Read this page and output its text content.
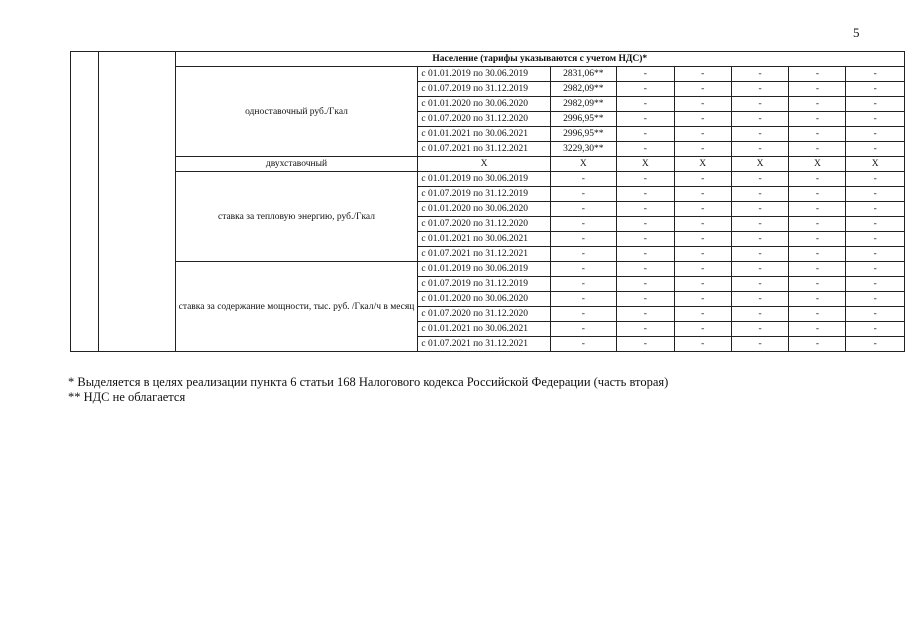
5
		Население (тарифы указываются с учетом НДС)*							
		одноставочный руб./Гкал	с 01.01.2019 по 30.06.2019	2831,06**	-	-	-	-	-
			с 01.07.2019 по 31.12.2019	2982,09**	-	-	-	-	-
			с 01.01.2020 по 30.06.2020	2982,09**	-	-	-	-	-
			с 01.07.2020 по 31.12.2020	2996,95**	-	-	-	-	-
			с 01.01.2021 по 30.06.2021	2996,95**	-	-	-	-	-
			с 01.07.2021 по 31.12.2021	3229,30**	-	-	-	-	-
		двухставочный	Х	Х	Х	Х	Х	Х	Х
		ставка за тепловую энергию, руб./Гкал	с 01.01.2019 по 30.06.2019	-	-	-	-	-	-
			с 01.07.2019 по 31.12.2019	-	-	-	-	-	-
			с 01.01.2020 по 30.06.2020	-	-	-	-	-	-
			с 01.07.2020 по 31.12.2020	-	-	-	-	-	-
			с 01.01.2021 по 30.06.2021	-	-	-	-	-	-
			с 01.07.2021 по 31.12.2021	-	-	-	-	-	-
		ставка за содержание мощности, тыс. руб. /Гкал/ч в месяц	с 01.01.2019 по 30.06.2019	-	-	-	-	-	-
			с 01.07.2019 по 31.12.2019	-	-	-	-	-	-
			с 01.01.2020 по 30.06.2020	-	-	-	-	-	-
			с 01.07.2020 по 31.12.2020	-	-	-	-	-	-
			с 01.01.2021 по 30.06.2021	-	-	-	-	-	-
			с 01.07.2021 по 31.12.2021	-	-	-	-	-	-
* Выделяется в целях реализации пункта 6 статьи 168 Налогового кодекса Российской Федерации (часть вторая)
** НДС не облагается
